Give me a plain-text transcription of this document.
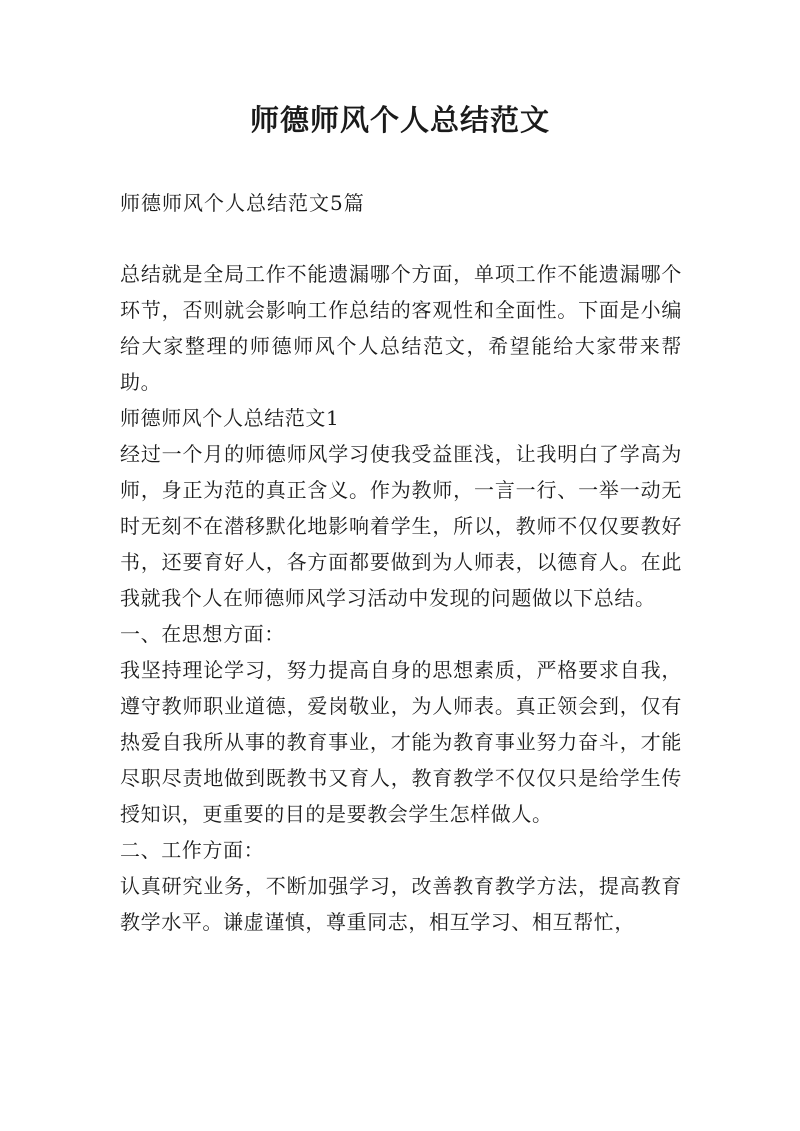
师德师风个人总结范文

师德师风个人总结范文5篇

总结就是全局工作不能遗漏哪个方面，单项工作不能遗漏哪个环节，否则就会影响工作总结的客观性和全面性。下面是小编给大家整理的师德师风个人总结范文，希望能给大家带来帮助。

师德师风个人总结范文1

经过一个月的师德师风学习使我受益匪浅，让我明白了学高为师，身正为范的真正含义。作为教师，一言一行、一举一动无时无刻不在潜移默化地影响着学生，所以，教师不仅仅要教好书，还要育好人，各方面都要做到为人师表，以德育人。在此我就我个人在师德师风学习活动中发现的问题做以下总结。

一、在思想方面：

我坚持理论学习，努力提高自身的思想素质，严格要求自我，遵守教师职业道德，爱岗敬业，为人师表。真正领会到，仅有热爱自我所从事的教育事业，才能为教育事业努力奋斗，才能尽职尽责地做到既教书又育人，教育教学不仅仅只是给学生传授知识，更重要的目的是要教会学生怎样做人。

二、工作方面：

认真研究业务，不断加强学习，改善教育教学方法，提高教育教学水平。谦虚谨慎，尊重同志，相互学习、相互帮忙，
